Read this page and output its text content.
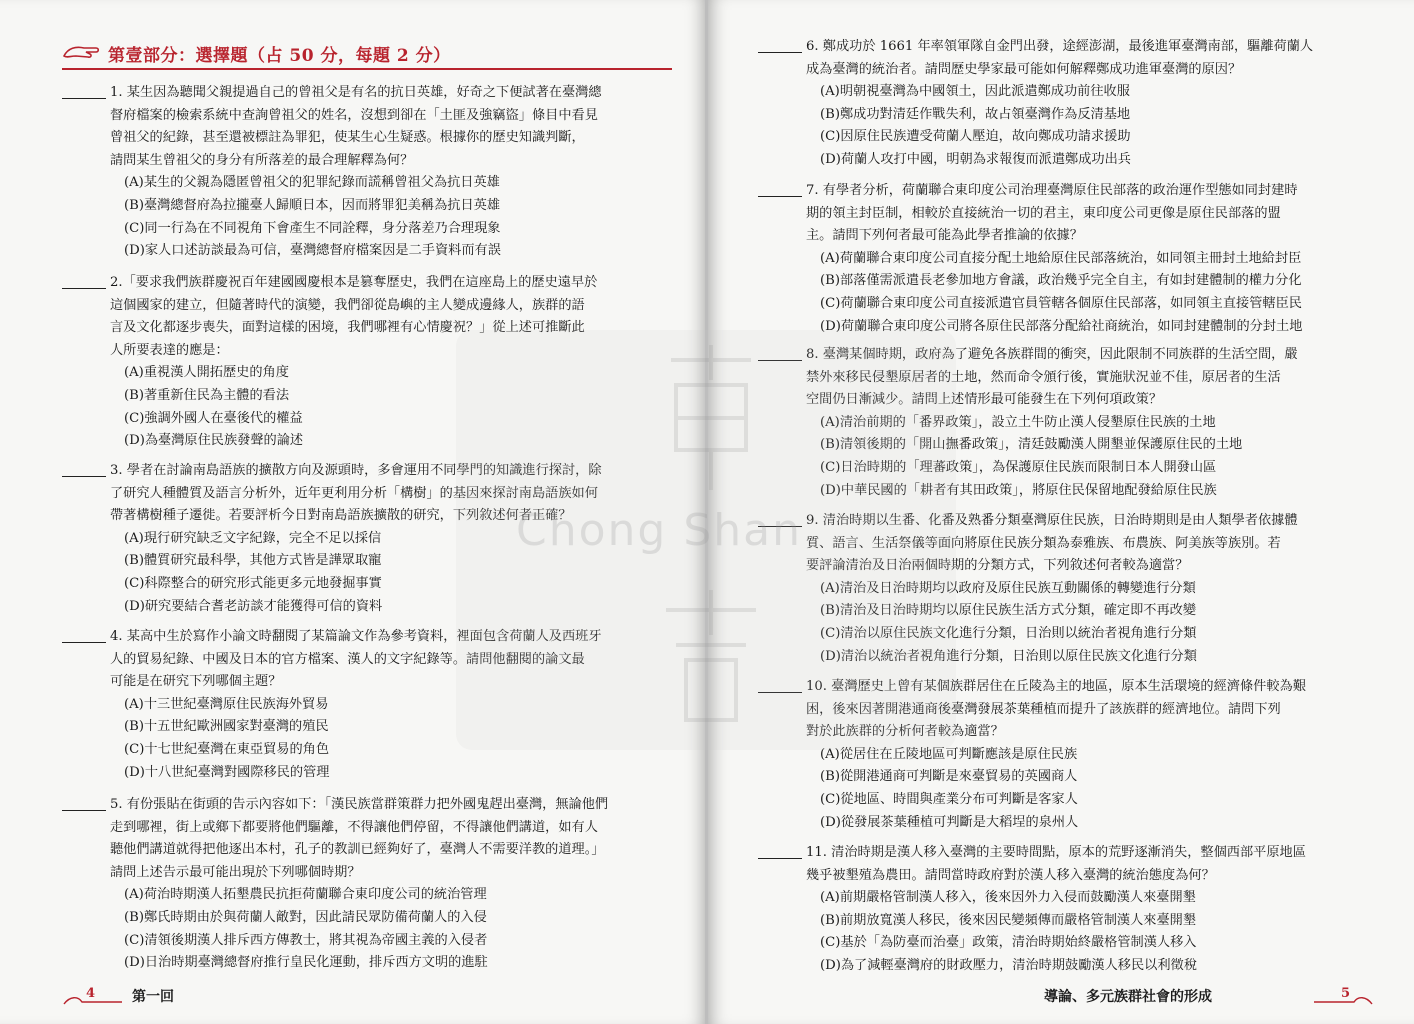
第壹部分：選擇題（占 50 分，每題 2 分）
1. 某生因為聽聞父親提過自己的曾祖父是有名的抗日英雄，好奇之下便試著在臺灣總
督府檔案的檢索系統中查詢曾祖父的姓名，沒想到卻在「土匪及強竊盜」條目中看見
曾祖父的紀錄，甚至還被標註為罪犯，使某生心生疑惑。根據你的歷史知識判斷，
請問某生曾祖父的身分有所落差的最合理解釋為何？
(A)某生的父親為隱匿曾祖父的犯罪紀錄而謊稱曾祖父為抗日英雄
(B)臺灣總督府為拉攏臺人歸順日本，因而將罪犯美稱為抗日英雄
(C)同一行為在不同視角下會產生不同詮釋，身分落差乃合理現象
(D)家人口述訪談最為可信，臺灣總督府檔案因是二手資料而有誤
2.「要求我們族群慶祝百年建國國慶根本是篡奪歷史，我們在這座島上的歷史遠早於
這個國家的建立，但隨著時代的演變，我們卻從島嶼的主人變成邊緣人，族群的語
言及文化都逐步喪失，面對這樣的困境，我們哪裡有心情慶祝？」從上述可推斷此
人所要表達的應是：
(A)重視漢人開拓歷史的角度
(B)著重新住民為主體的看法
(C)強調外國人在臺後代的權益
(D)為臺灣原住民族發聲的論述
3. 學者在討論南島語族的擴散方向及源頭時，多會運用不同學門的知識進行探討，除
了研究人種體質及語言分析外，近年更利用分析「構樹」的基因來探討南島語族如何
帶著構樹種子遷徙。若要評析今日對南島語族擴散的研究，下列敘述何者正確？
(A)現行研究缺乏文字紀錄，完全不足以採信
(B)體質研究最科學，其他方式皆是譁眾取寵
(C)科際整合的研究形式能更多元地發掘事實
(D)研究要結合耆老訪談才能獲得可信的資料
4. 某高中生於寫作小論文時翻閱了某篇論文作為參考資料，裡面包含荷蘭人及西班牙
人的貿易紀錄、中國及日本的官方檔案、漢人的文字紀錄等。請問他翻閱的論文最
可能是在研究下列哪個主題？
(A)十三世紀臺灣原住民族海外貿易
(B)十五世紀歐洲國家對臺灣的殖民
(C)十七世紀臺灣在東亞貿易的角色
(D)十八世紀臺灣對國際移民的管理
5. 有份張貼在街頭的告示內容如下：「漢民族當群策群力把外國鬼趕出臺灣，無論他們
走到哪裡，街上或鄉下都要將他們驅離，不得讓他們停留，不得讓他們講道，如有人
聽他們講道就得把他逐出本村，孔子的教訓已經夠好了，臺灣人不需要洋教的道理。」
請問上述告示最可能出現於下列哪個時期？
(A)荷治時期漢人拓墾農民抗拒荷蘭聯合東印度公司的統治管理
(B)鄭氏時期由於與荷蘭人敵對，因此請民眾防備荷蘭人的入侵
(C)清領後期漢人排斥西方傳教士，將其視為帝國主義的入侵者
(D)日治時期臺灣總督府推行皇民化運動，排斥西方文明的進駐
4	第一回
6. 鄭成功於 1661 年率領軍隊自金門出發，途經澎湖，最後進軍臺灣南部，驅離荷蘭人
成為臺灣的統治者。請問歷史學家最可能如何解釋鄭成功進軍臺灣的原因？
(A)明朝視臺灣為中國領土，因此派遣鄭成功前往收服
(B)鄭成功對清廷作戰失利，故占領臺灣作為反清基地
(C)因原住民族遭受荷蘭人壓迫，故向鄭成功請求援助
(D)荷蘭人攻打中國，明朝為求報復而派遣鄭成功出兵
7. 有學者分析，荷蘭聯合東印度公司治理臺灣原住民部落的政治運作型態如同封建時
期的領主封臣制，相較於直接統治一切的君主，東印度公司更像是原住民部落的盟
主。請問下列何者最可能為此學者推論的依據？
(A)荷蘭聯合東印度公司直接分配土地給原住民部落統治，如同領主冊封土地給封臣
(B)部落僅需派遣長老參加地方會議，政治幾乎完全自主，有如封建體制的權力分化
(C)荷蘭聯合東印度公司直接派遣官員管轄各個原住民部落，如同領主直接管轄臣民
(D)荷蘭聯合東印度公司將各原住民部落分配給社商統治，如同封建體制的分封土地
8. 臺灣某個時期，政府為了避免各族群間的衝突，因此限制不同族群的生活空間，嚴
禁外來移民侵墾原居者的土地，然而命令頒行後，實施狀況並不佳，原居者的生活
空間仍日漸減少。請問上述情形最可能發生在下列何項政策？
(A)清治前期的「番界政策」，設立土牛防止漢人侵墾原住民族的土地
(B)清領後期的「開山撫番政策」，清廷鼓勵漢人開墾並保護原住民的土地
(C)日治時期的「理蕃政策」，為保護原住民族而限制日本人開發山區
(D)中華民國的「耕者有其田政策」，將原住民保留地配發給原住民族
9. 清治時期以生番、化番及熟番分類臺灣原住民族，日治時期則是由人類學者依據體
質、語言、生活祭儀等面向將原住民族分類為泰雅族、布農族、阿美族等族別。若
要評論清治及日治兩個時期的分類方式，下列敘述何者較為適當？
(A)清治及日治時期均以政府及原住民族互動關係的轉變進行分類
(B)清治及日治時期均以原住民族生活方式分類，確定即不再改變
(C)清治以原住民族文化進行分類，日治則以統治者視角進行分類
(D)清治以統治者視角進行分類，日治則以原住民族文化進行分類
10. 臺灣歷史上曾有某個族群居住在丘陵為主的地區，原本生活環境的經濟條件較為艱
困，後來因著開港通商後臺灣發展茶葉種植而提升了該族群的經濟地位。請問下列
對於此族群的分析何者較為適當？
(A)從居住在丘陵地區可判斷應該是原住民族
(B)從開港通商可判斷是來臺貿易的英國商人
(C)從地區、時間與產業分布可判斷是客家人
(D)從發展茶葉種植可判斷是大稻埕的泉州人
11. 清治時期是漢人移入臺灣的主要時間點，原本的荒野逐漸消失，整個西部平原地區
幾乎被墾殖為農田。請問當時政府對於漢人移入臺灣的統治態度為何？
(A)前期嚴格管制漢人移入，後來因外力入侵而鼓勵漢人來臺開墾
(B)前期放寬漢人移民，後來因民變頻傳而嚴格管制漢人來臺開墾
(C)基於「為防臺而治臺」政策，清治時期始終嚴格管制漢人移入
(D)為了減輕臺灣府的財政壓力，清治時期鼓勵漢人移民以利徵稅
導論、多元族群社會的形成	5
Chong Shan
